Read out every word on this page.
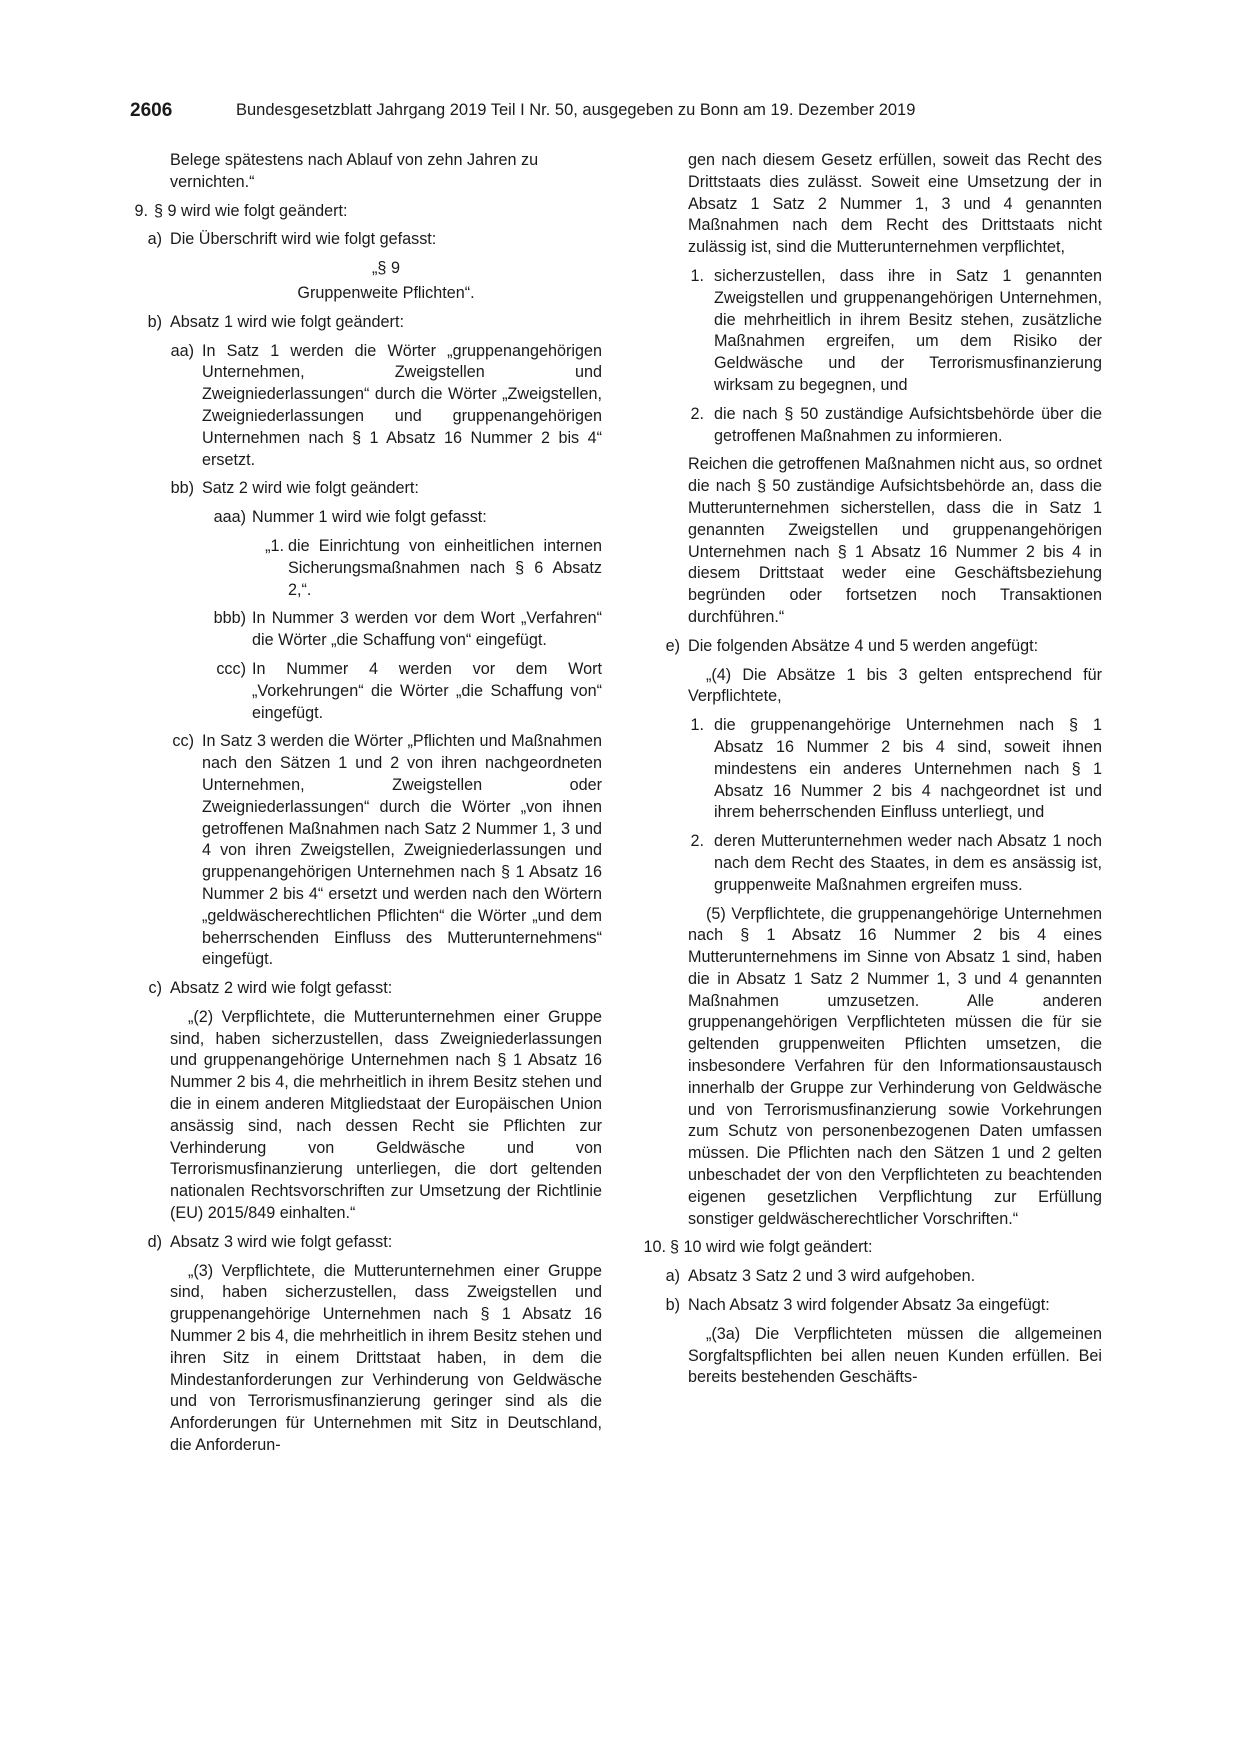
2606	Bundesgesetzblatt Jahrgang 2019 Teil I Nr. 50, ausgegeben zu Bonn am 19. Dezember 2019
Belege spätestens nach Ablauf von zehn Jahren zu vernichten.“
9. § 9 wird wie folgt geändert:
a) Die Überschrift wird wie folgt gefasst:
„§ 9
Gruppenweite Pflichten“.
b) Absatz 1 wird wie folgt geändert:
aa) In Satz 1 werden die Wörter „gruppenangehörigen Unternehmen, Zweigstellen und Zweigniederlassungen“ durch die Wörter „Zweigstellen, Zweigniederlassungen und gruppenangehörigen Unternehmen nach § 1 Absatz 16 Nummer 2 bis 4“ ersetzt.
bb) Satz 2 wird wie folgt geändert:
aaa) Nummer 1 wird wie folgt gefasst:
„1. die Einrichtung von einheitlichen internen Sicherungsmaßnahmen nach § 6 Absatz 2,“.
bbb) In Nummer 3 werden vor dem Wort „Verfahren“ die Wörter „die Schaffung von“ eingefügt.
ccc) In Nummer 4 werden vor dem Wort „Vorkehrungen“ die Wörter „die Schaffung von“ eingefügt.
cc) In Satz 3 werden die Wörter „Pflichten und Maßnahmen nach den Sätzen 1 und 2 von ihren nachgeordneten Unternehmen, Zweigstellen oder Zweigniederlassungen“ durch die Wörter „von ihnen getroffenen Maßnahmen nach Satz 2 Nummer 1, 3 und 4 von ihren Zweigstellen, Zweigniederlassungen und gruppenangehörigen Unternehmen nach § 1 Absatz 16 Nummer 2 bis 4“ ersetzt und werden nach den Wörtern „geldwäscherechtlichen Pflichten“ die Wörter „und dem beherrschenden Einfluss des Mutterunternehmens“ eingefügt.
c) Absatz 2 wird wie folgt gefasst:
„(2) Verpflichtete, die Mutterunternehmen einer Gruppe sind, haben sicherzustellen, dass Zweigniederlassungen und gruppenangehörige Unternehmen nach § 1 Absatz 16 Nummer 2 bis 4, die mehrheitlich in ihrem Besitz stehen und die in einem anderen Mitgliedstaat der Europäischen Union ansässig sind, nach dessen Recht sie Pflichten zur Verhinderung von Geldwäsche und von Terrorismusfinanzierung unterliegen, die dort geltenden nationalen Rechtsvorschriften zur Umsetzung der Richtlinie (EU) 2015/849 einhalten.“
d) Absatz 3 wird wie folgt gefasst:
„(3) Verpflichtete, die Mutterunternehmen einer Gruppe sind, haben sicherzustellen, dass Zweigstellen und gruppenangehörige Unternehmen nach § 1 Absatz 16 Nummer 2 bis 4, die mehrheitlich in ihrem Besitz stehen und ihren Sitz in einem Drittstaat haben, in dem die Mindestanforderungen zur Verhinderung von Geldwäsche und von Terrorismusfinanzierung geringer sind als die Anforderungen für Unternehmen mit Sitz in Deutschland, die Anforderun-
gen nach diesem Gesetz erfüllen, soweit das Recht des Drittstaats dies zulässt. Soweit eine Umsetzung der in Absatz 1 Satz 2 Nummer 1, 3 und 4 genannten Maßnahmen nach dem Recht des Drittstaats nicht zulässig ist, sind die Mutterunternehmen verpflichtet,
1. sicherzustellen, dass ihre in Satz 1 genannten Zweigstellen und gruppenangehörigen Unternehmen, die mehrheitlich in ihrem Besitz stehen, zusätzliche Maßnahmen ergreifen, um dem Risiko der Geldwäsche und der Terrorismusfinanzierung wirksam zu begegnen, und
2. die nach § 50 zuständige Aufsichtsbehörde über die getroffenen Maßnahmen zu informieren.
Reichen die getroffenen Maßnahmen nicht aus, so ordnet die nach § 50 zuständige Aufsichtsbehörde an, dass die Mutterunternehmen sicherstellen, dass die in Satz 1 genannten Zweigstellen und gruppenangehörigen Unternehmen nach § 1 Absatz 16 Nummer 2 bis 4 in diesem Drittstaat weder eine Geschäftsbeziehung begründen oder fortsetzen noch Transaktionen durchführen.“
e) Die folgenden Absätze 4 und 5 werden angefügt:
„(4) Die Absätze 1 bis 3 gelten entsprechend für Verpflichtete,
1. die gruppenangehörige Unternehmen nach § 1 Absatz 16 Nummer 2 bis 4 sind, soweit ihnen mindestens ein anderes Unternehmen nach § 1 Absatz 16 Nummer 2 bis 4 nachgeordnet ist und ihrem beherrschenden Einfluss unterliegt, und
2. deren Mutterunternehmen weder nach Absatz 1 noch nach dem Recht des Staates, in dem es ansässig ist, gruppenweite Maßnahmen ergreifen muss.
(5) Verpflichtete, die gruppenangehörige Unternehmen nach § 1 Absatz 16 Nummer 2 bis 4 eines Mutterunternehmens im Sinne von Absatz 1 sind, haben die in Absatz 1 Satz 2 Nummer 1, 3 und 4 genannten Maßnahmen umzusetzen. Alle anderen gruppenangehörigen Verpflichteten müssen die für sie geltenden gruppenweiten Pflichten umsetzen, die insbesondere Verfahren für den Informationsaustausch innerhalb der Gruppe zur Verhinderung von Geldwäsche und von Terrorismusfinanzierung sowie Vorkehrungen zum Schutz von personenbezogenen Daten umfassen müssen. Die Pflichten nach den Sätzen 1 und 2 gelten unbeschadet der von den Verpflichteten zu beachtenden eigenen gesetzlichen Verpflichtung zur Erfüllung sonstiger geldwäscherechtlicher Vorschriften.“
10. § 10 wird wie folgt geändert:
a) Absatz 3 Satz 2 und 3 wird aufgehoben.
b) Nach Absatz 3 wird folgender Absatz 3a eingefügt:
„(3a) Die Verpflichteten müssen die allgemeinen Sorgfaltspflichten bei allen neuen Kunden erfüllen. Bei bereits bestehenden Geschäfts-
